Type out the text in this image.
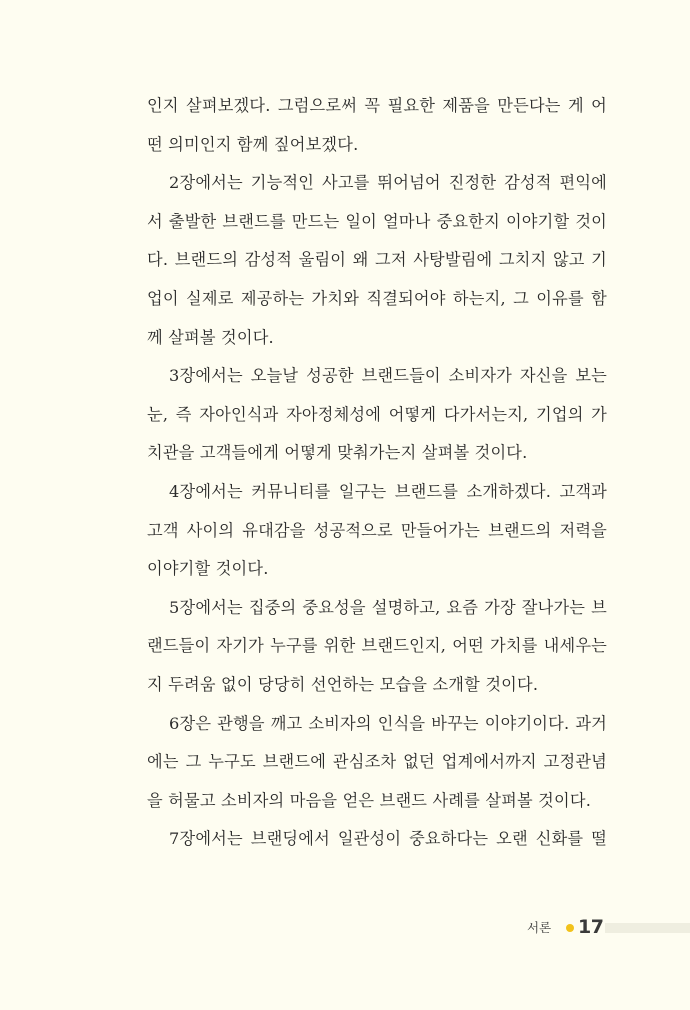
인지 살펴보겠다. 그럼으로써 꼭 필요한 제품을 만든다는 게 어
떤 의미인지 함께 짚어보겠다.
2장에서는 기능적인 사고를 뛰어넘어 진정한 감성적 편익에
서 출발한 브랜드를 만드는 일이 얼마나 중요한지 이야기할 것이
다. 브랜드의 감성적 울림이 왜 그저 사탕발림에 그치지 않고 기
업이 실제로 제공하는 가치와 직결되어야 하는지, 그 이유를 함
께 살펴볼 것이다.
3장에서는 오늘날 성공한 브랜드들이 소비자가 자신을 보는
눈, 즉 자아인식과 자아정체성에 어떻게 다가서는지, 기업의 가
치관을 고객들에게 어떻게 맞춰가는지 살펴볼 것이다.
4장에서는 커뮤니티를 일구는 브랜드를 소개하겠다. 고객과
고객 사이의 유대감을 성공적으로 만들어가는 브랜드의 저력을
이야기할 것이다.
5장에서는 집중의 중요성을 설명하고, 요즘 가장 잘나가는 브
랜드들이 자기가 누구를 위한 브랜드인지, 어떤 가치를 내세우는
지 두려움 없이 당당히 선언하는 모습을 소개할 것이다.
6장은 관행을 깨고 소비자의 인식을 바꾸는 이야기이다. 과거
에는 그 누구도 브랜드에 관심조차 없던 업계에서까지 고정관념
을 허물고 소비자의 마음을 얻은 브랜드 사례를 살펴볼 것이다.
7장에서는 브랜딩에서 일관성이 중요하다는 오랜 신화를 떨
서론 17
